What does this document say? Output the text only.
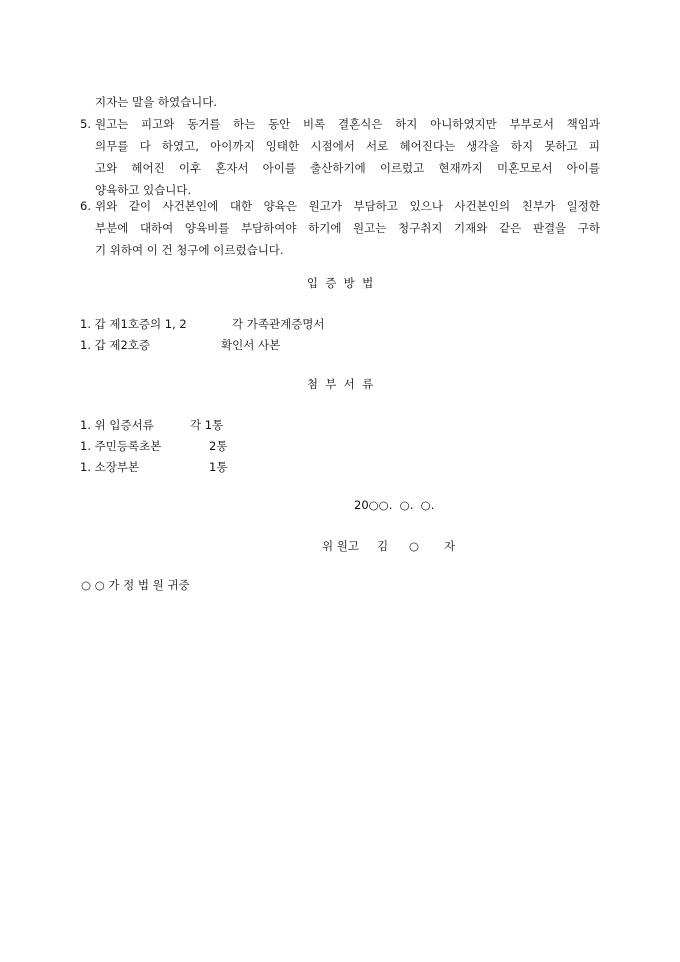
지자는 말을 하였습니다.
5. 원고는 피고와 동거를 하는 동안 비록 결혼식은 하지 아니하였지만 부부로서 책임과
의무를 다 하였고, 아이까지 잉태한 시점에서 서로 헤어진다는 생각을 하지 못하고 피
고와 헤어진 이후 혼자서 아이를 출산하기에 이르렀고 현재까지 미혼모로서 아이를
양육하고 있습니다.
6. 위와 같이 사건본인에 대한 양육은 원고가 부담하고 있으나 사건본인의 친부가 일정한
부분에 대하여 양육비를 부담하여야 하기에 원고는 청구취지 기재와 같은 판결을 구하
기 위하여 이 건 청구에 이르렀습니다.
입  증  방  법
1. 갑 제1호증의 1, 2	각 가족관계증명서
1. 갑 제2호증	확인서 사본
첨  부  서  류
1. 위 입증서류	각 1통
1. 주민등록초본	2통
1. 소장부본	1통
20○○.  ○.  ○.
위 원고 김 ○ 자
○ ○ 가 정 법 원 귀중
